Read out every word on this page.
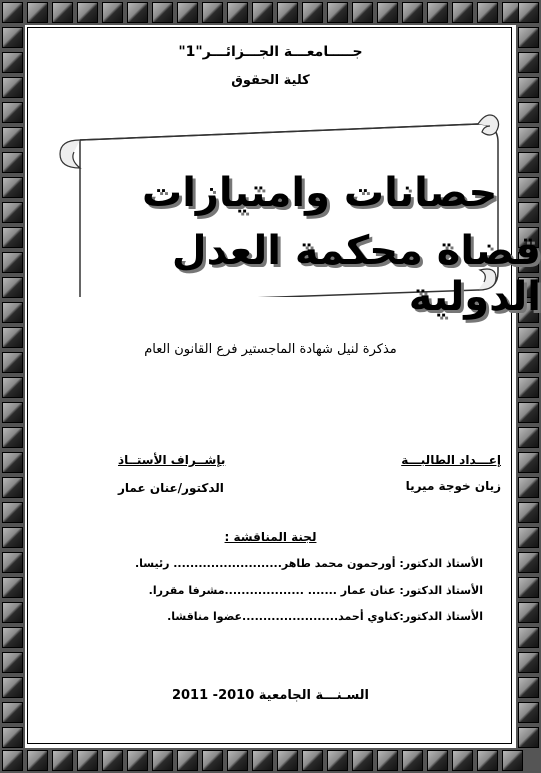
جـــــامعـــة الجـــزائـــر"1"
كلية الحقوق
حصانات وامتيازات
قضاة محكمة العدل الدولية
مذكرة لنيل شهادة الماجستير فرع القانون العام
إعـــداد الطالبـــة
زيان خوجة ميريا
بإشــراف الأستــاذ
الدكتور/عنان عمار
لجنة المناقشة :
الأستاذ الدكتور: أورحمون محمد طاهر.......................... رئيسا.
الأستاذ الدكتور: عنان عمار ....... ...................مشرفا مقررا.
الأستاذ الدكتور:كناوي أحمد.......................عضوا مناقشا.
السـنـــة الجامعية 2010- 2011
